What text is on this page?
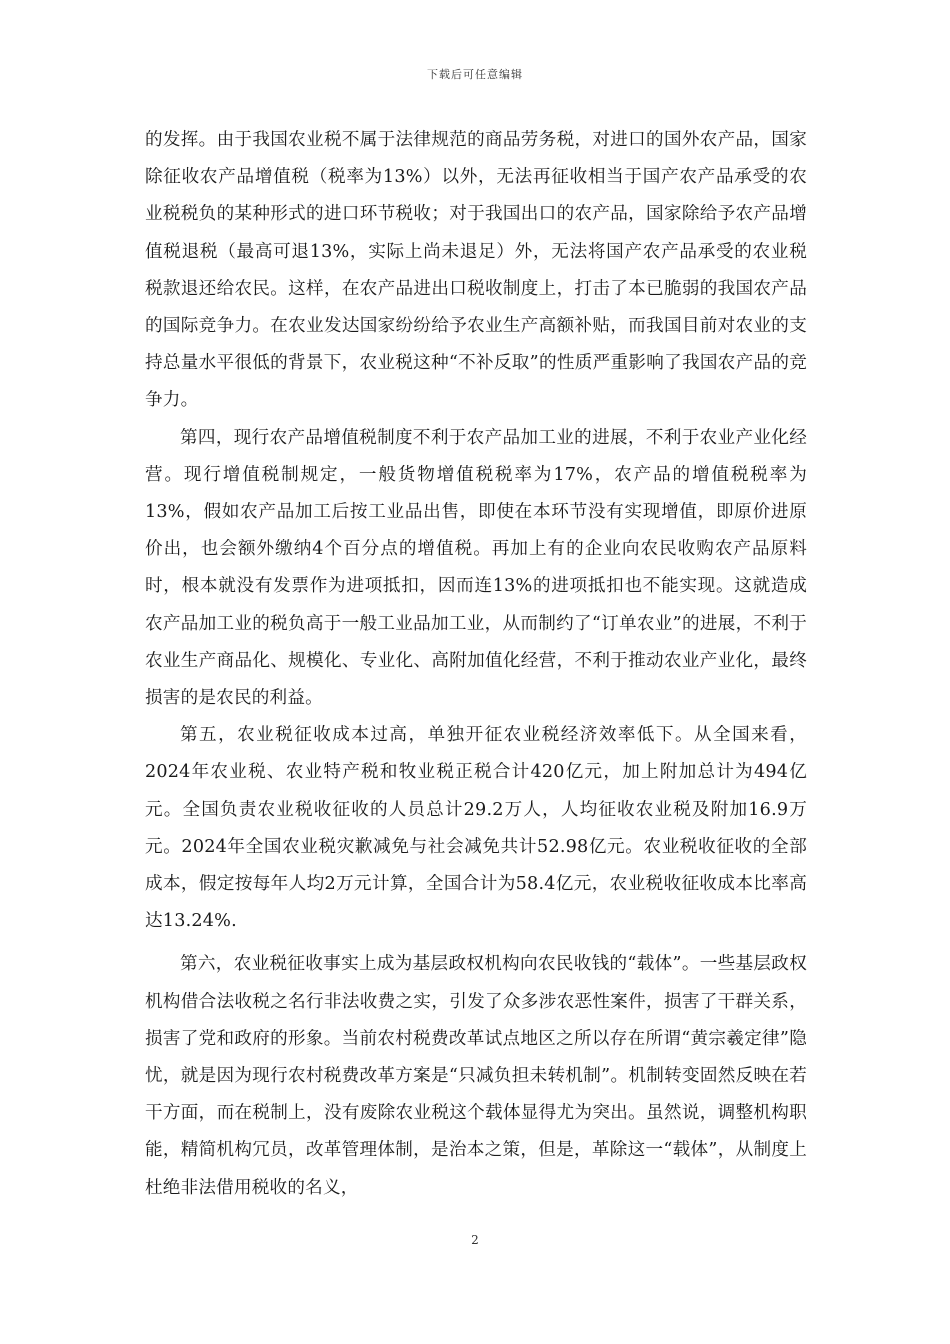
下载后可任意编辑

的发挥。由于我国农业税不属于法律规范的商品劳务税，对进口的国外农产品，国家除征收农产品增值税（税率为13%）以外，无法再征收相当于国产农产品承受的农业税税负的某种形式的进口环节税收；对于我国出口的农产品，国家除给予农产品增值税退税（最高可退13%，实际上尚未退足）外，无法将国产农产品承受的农业税税款退还给农民。这样，在农产品进出口税收制度上，打击了本已脆弱的我国农产品的国际竞争力。在农业发达国家纷纷给予农业生产高额补贴，而我国目前对农业的支持总量水平很低的背景下，农业税这种“不补反取”的性质严重影响了我国农产品的竞争力。

第四，现行农产品增值税制度不利于农产品加工业的进展，不利于农业产业化经营。现行增值税制规定，一般货物增值税税率为17%，农产品的增值税税率为13%，假如农产品加工后按工业品出售，即使在本环节没有实现增值，即原价进原价出，也会额外缴纳4个百分点的增值税。再加上有的企业向农民收购农产品原料时，根本就没有发票作为进项抵扣，因而连13%的进项抵扣也不能实现。这就造成农产品加工业的税负高于一般工业品加工业，从而制约了“订单农业”的进展，不利于农业生产商品化、规模化、专业化、高附加值化经营，不利于推动农业产业化，最终损害的是农民的利益。

第五，农业税征收成本过高，单独开征农业税经济效率低下。从全国来看，2024年农业税、农业特产税和牧业税正税合计420亿元，加上附加总计为494亿元。全国负责农业税收征收的人员总计29.2万人，人均征收农业税及附加16.9万元。2024年全国农业税灾歉减免与社会减免共计52.98亿元。农业税收征收的全部成本，假定按每年人均2万元计算，全国合计为58.4亿元，农业税收征收成本比率高达13.24%.

第六，农业税征收事实上成为基层政权机构向农民收钱的“载体”。一些基层政权机构借合法收税之名行非法收费之实，引发了众多涉农恶性案件，损害了干群关系，损害了党和政府的形象。当前农村税费改革试点地区之所以存在所谓“黄宗羲定律”隐忧，就是因为现行农村税费改革方案是“只减负担未转机制”。机制转变固然反映在若干方面，而在税制上，没有废除农业税这个载体显得尤为突出。虽然说，调整机构职能，精简机构冗员，改革管理体制，是治本之策，但是，革除这一“载体”，从制度上杜绝非法借用税收的名义，

2
